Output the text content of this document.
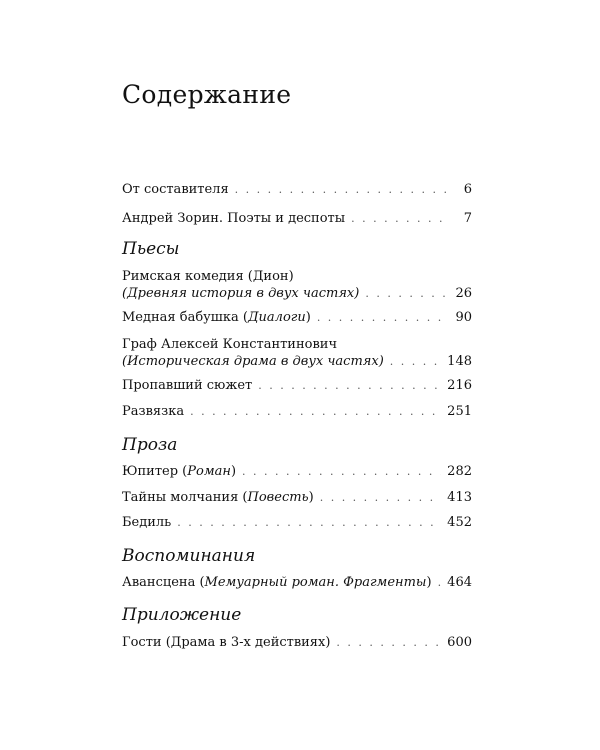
Содержание
От составителя . . .	6
Андрей Зорин. Поэты и деспоты . . .	7
Пьесы
Римская комедия (Дион)
(Древняя история в двух частях) . . .	26
Медная бабушка (Диалоги) . . .	90
Граф Алексей Константинович
(Историческая драма в двух частях) . . .	148
Пропавший сюжет . . .	216
Развязка . . .	251
Проза
Юпитер (Роман) . . .	282
Тайны молчания (Повесть) . . .	413
Бедиль . . .	452
Воспоминания
Авансцена (Мемуарный роман. Фрагменты) . . . 464
Приложение
Гости (Драма в 3-х действиях) . . .	600
